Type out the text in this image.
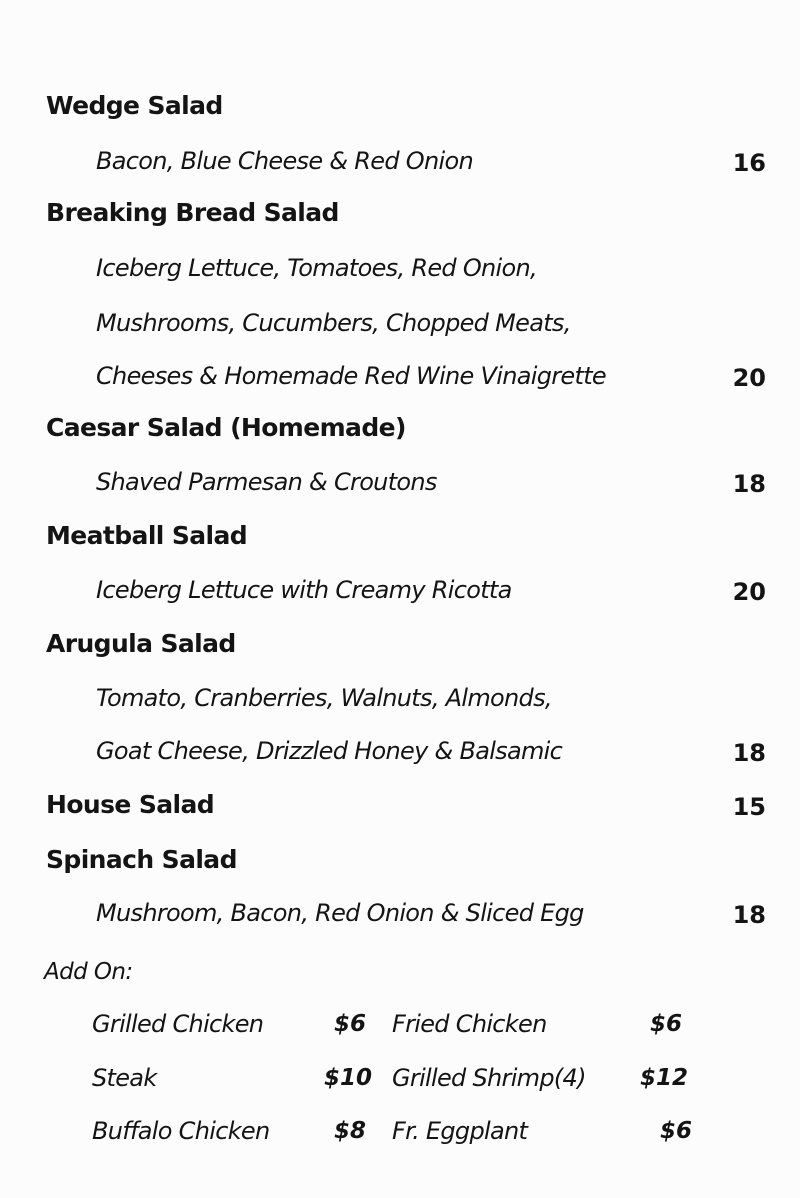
Wedge Salad
Bacon, Blue Cheese & Red Onion	16
Breaking Bread Salad
Iceberg Lettuce, Tomatoes, Red Onion,
Mushrooms, Cucumbers, Chopped Meats,
Cheeses & Homemade Red Wine Vinaigrette	20
Caesar Salad (Homemade)
Shaved Parmesan & Croutons	18
Meatball Salad
Iceberg Lettuce with Creamy Ricotta	20
Arugula Salad
Tomato, Cranberries, Walnuts, Almonds,
Goat Cheese, Drizzled Honey & Balsamic	18
House Salad	15
Spinach Salad
Mushroom, Bacon, Red Onion & Sliced Egg	18
Add On:
Grilled Chicken	$6 Fried Chicken	$6
Steak	$10 Grilled Shrimp(4)	$12
Buffalo Chicken	$8 Fr. Eggplant	$6
